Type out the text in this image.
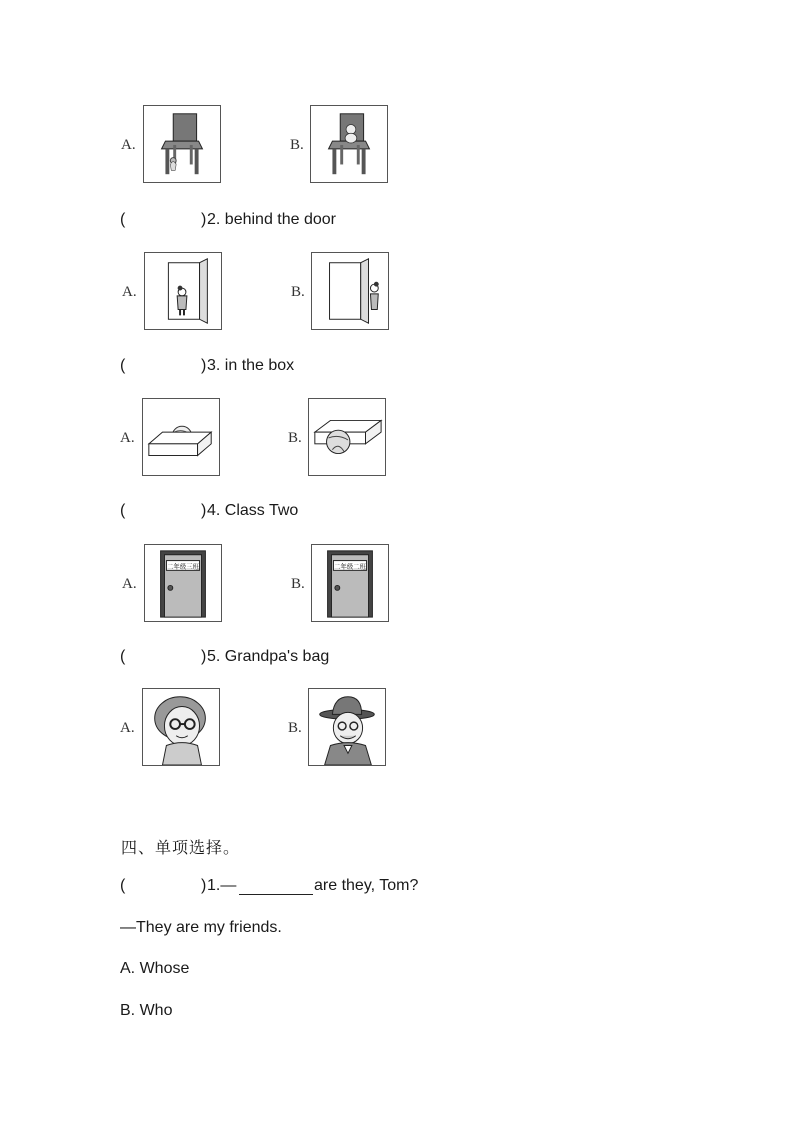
A.	B.
(	) 2. behind the door
A.	B.
(	) 3. in the box
A.	B.
(	) 4. Class Two
A.
二年级三班
B.
二年级二班
(	) 5. Grandpa's bag
A.	B.
四、单项选择。
(	) 1.—	are they, Tom?
—They are my friends.
A. Whose
B. Who
